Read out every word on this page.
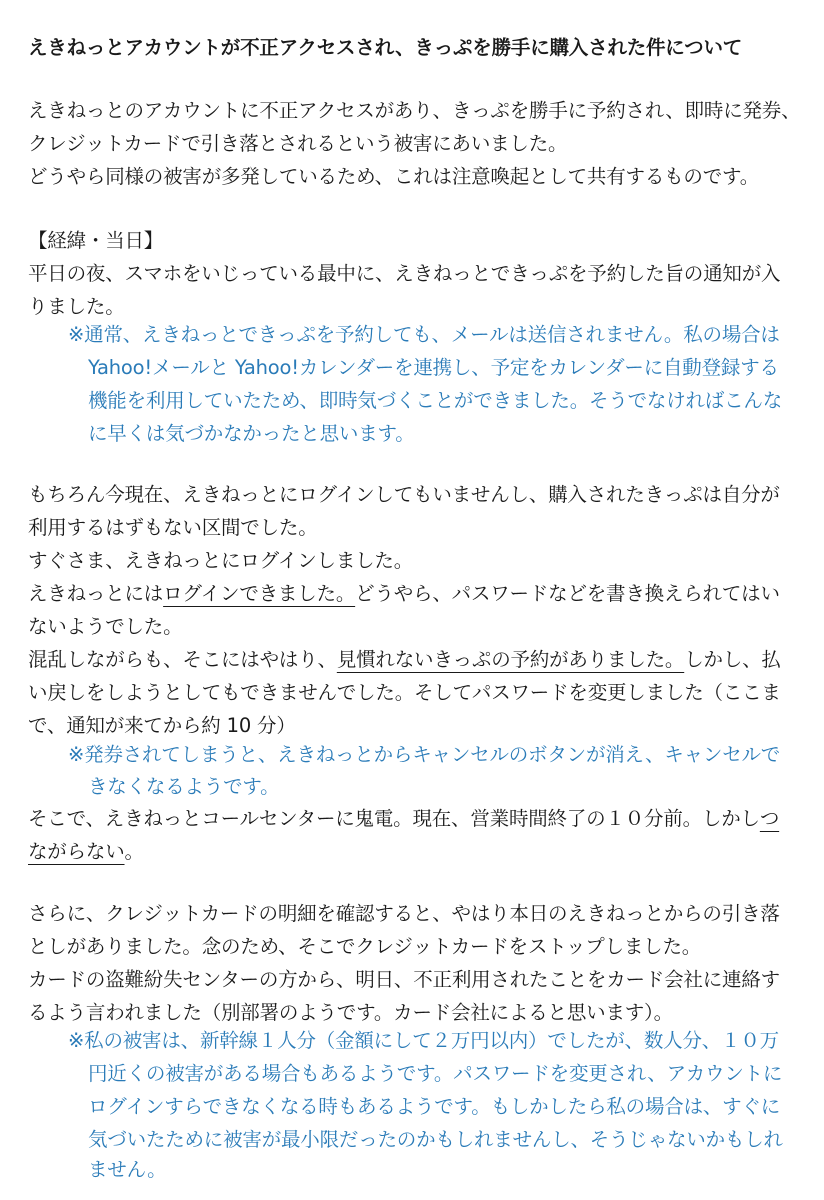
えきねっとアカウントが不正アクセスされ、きっぷを勝手に購入された件について
えきねっとのアカウントに不正アクセスがあり、きっぷを勝手に予約され、即時に発券、
クレジットカードで引き落とされるという被害にあいました。
どうやら同様の被害が多発しているため、これは注意喚起として共有するものです。
【経緯・当日】
平日の夜、スマホをいじっている最中に、えきねっとできっぷを予約した旨の通知が入
りました。
※通常、えきねっとできっぷを予約しても、メールは送信されません。私の場合は
Yahoo!メールと Yahoo!カレンダーを連携し、予定をカレンダーに自動登録する
機能を利用していたため、即時気づくことができました。そうでなければこんな
に早くは気づかなかったと思います。
もちろん今現在、えきねっとにログインしてもいませんし、購入されたきっぷは自分が
利用するはずもない区間でした。
すぐさま、えきねっとにログインしました。
えきねっとにはログインできました。どうやら、パスワードなどを書き換えられてはい
ないようでした。
混乱しながらも、そこにはやはり、見慣れないきっぷの予約がありました。しかし、払
い戻しをしようとしてもできませんでした。そしてパスワードを変更しました（ここま
で、通知が来てから約 10 分）
※発券されてしまうと、えきねっとからキャンセルのボタンが消え、キャンセルで
きなくなるようです。
そこで、えきねっとコールセンターに鬼電。現在、営業時間終了の１０分前。しかしつ
ながらない。
さらに、クレジットカードの明細を確認すると、やはり本日のえきねっとからの引き落
としがありました。念のため、そこでクレジットカードをストップしました。
カードの盗難紛失センターの方から、明日、不正利用されたことをカード会社に連絡す
るよう言われました（別部署のようです。カード会社によると思います）。
※私の被害は、新幹線１人分（金額にして２万円以内）でしたが、数人分、１０万
円近くの被害がある場合もあるようです。パスワードを変更され、アカウントに
ログインすらできなくなる時もあるようです。もしかしたら私の場合は、すぐに
気づいたために被害が最小限だったのかもしれませんし、そうじゃないかもしれ
ません。
